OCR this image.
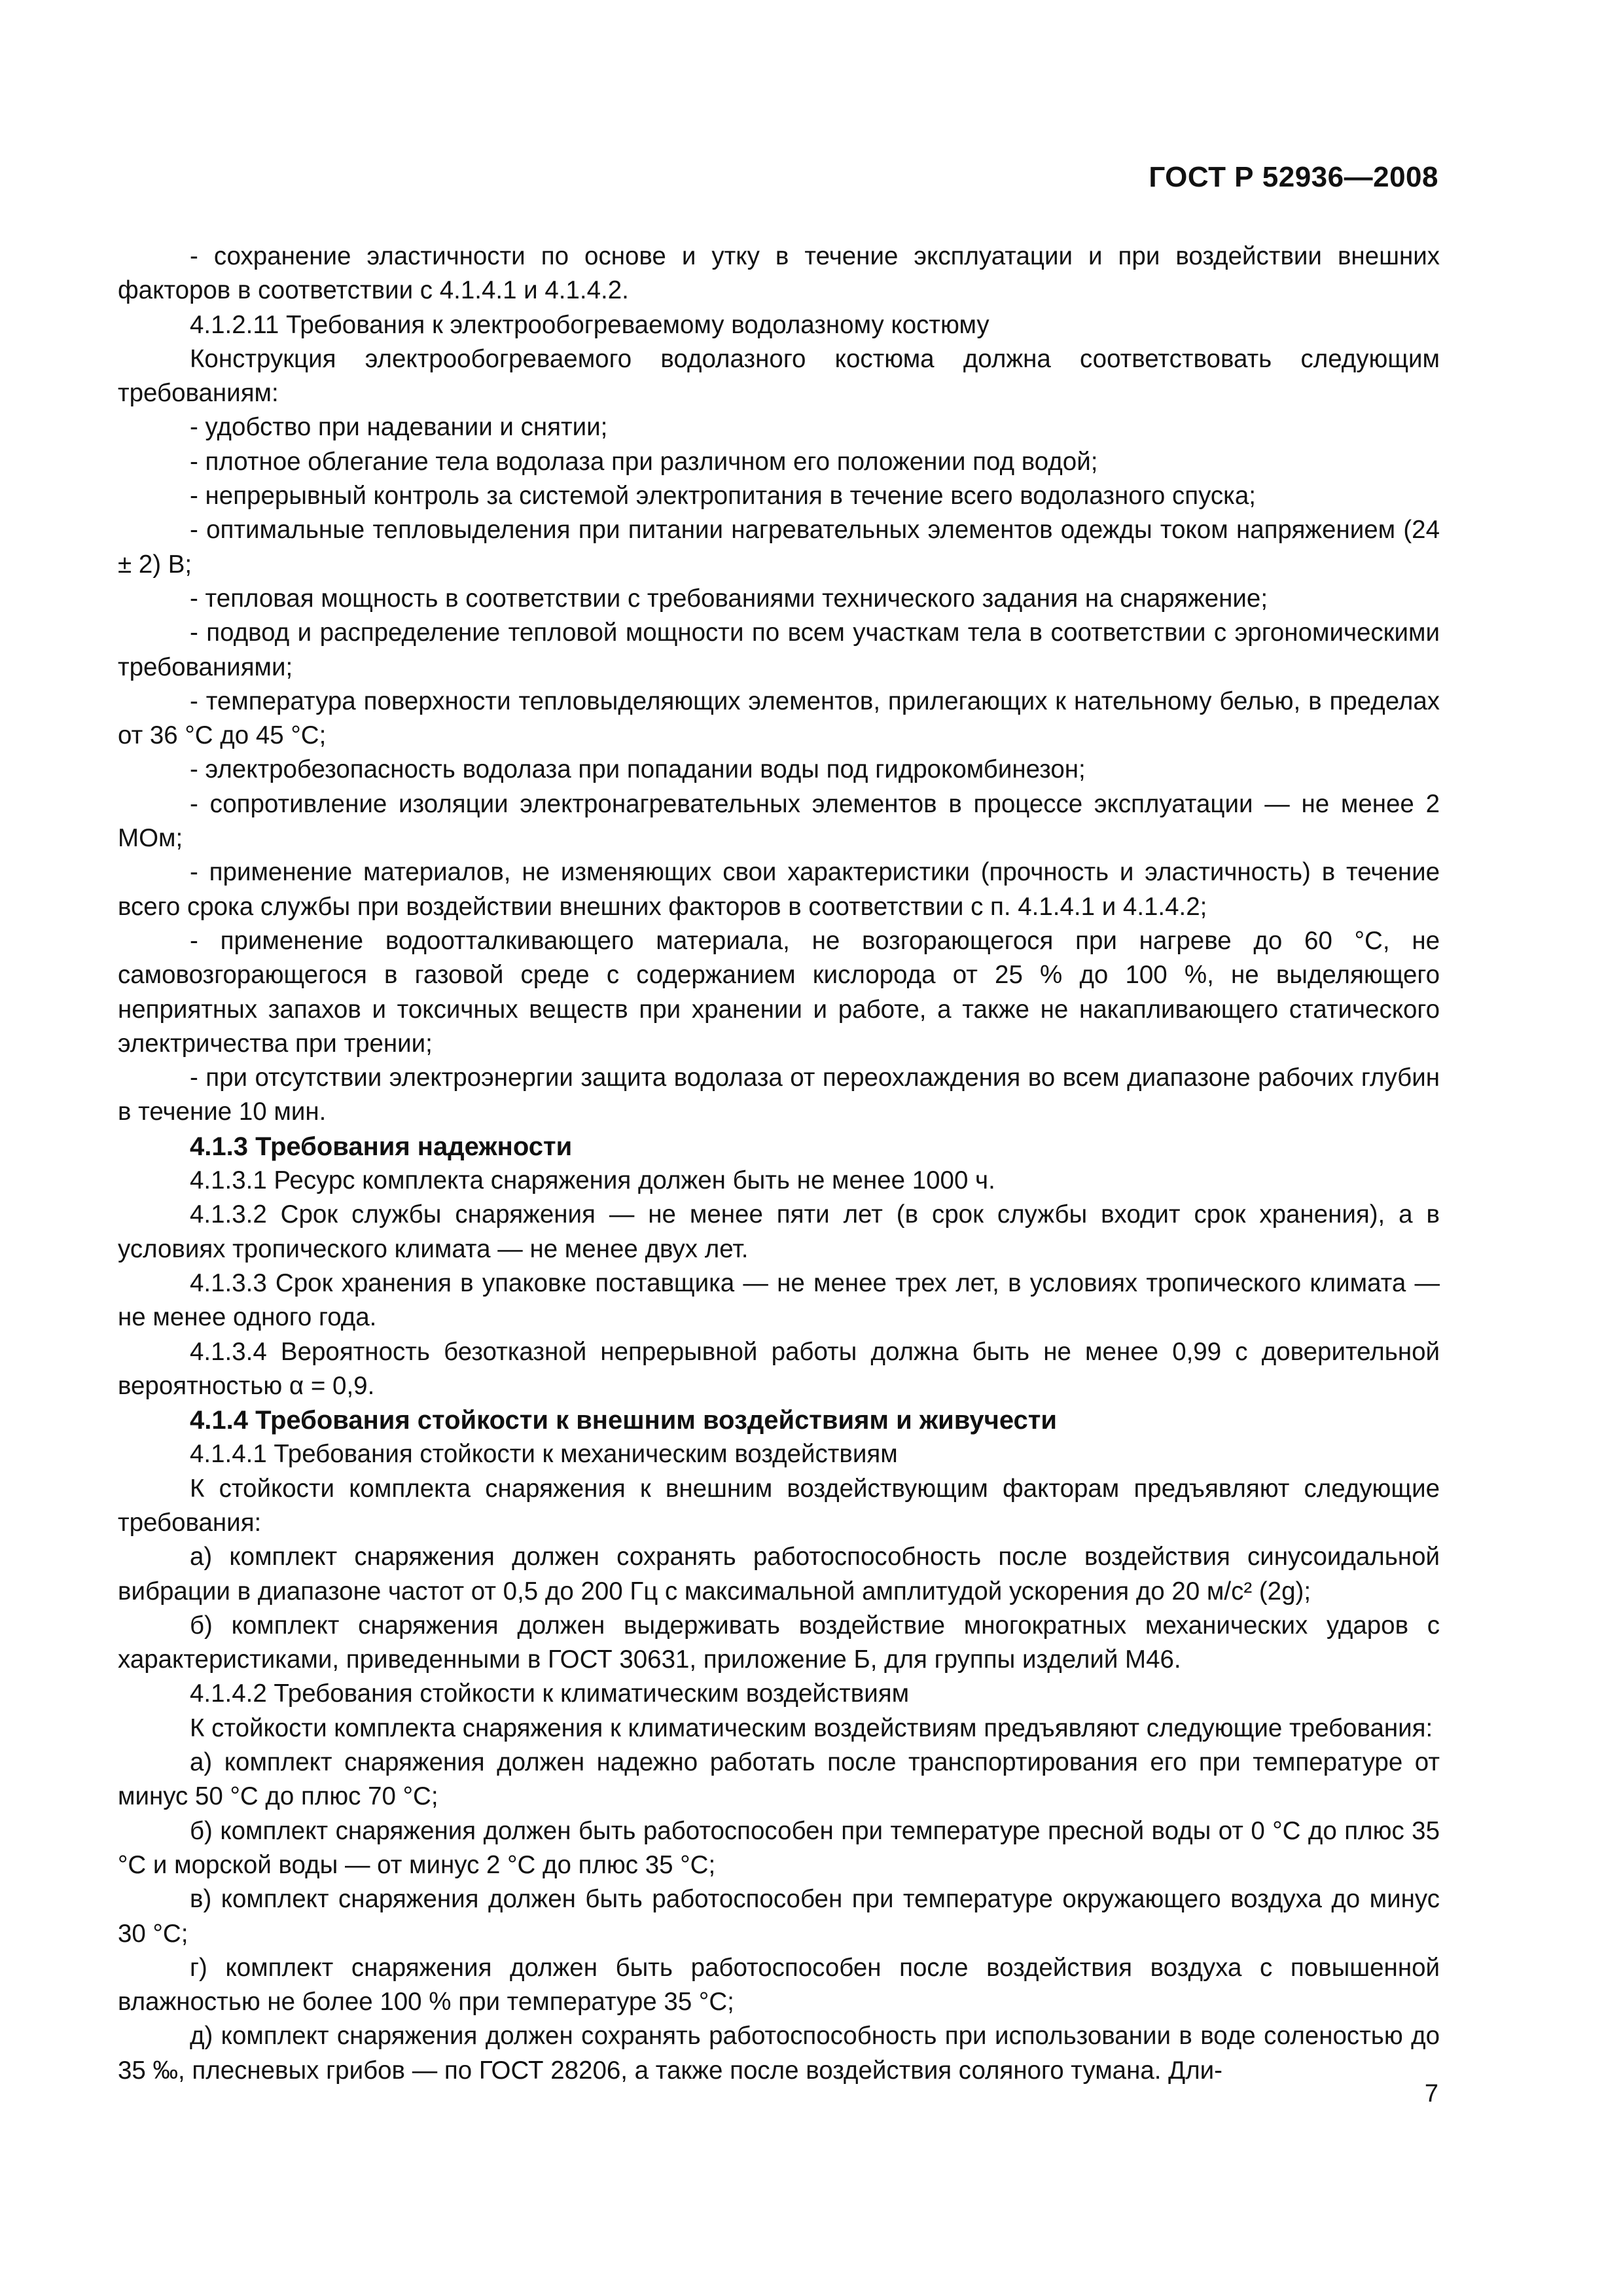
ГОСТ Р 52936—2008

- сохранение эластичности по основе и утку в течение эксплуатации и при воздействии внешних факторов в соответствии с 4.1.4.1 и 4.1.4.2.

4.1.2.11 Требования к электрообогреваемому водолазному костюму

Конструкция электрообогреваемого водолазного костюма должна соответствовать следующим требованиям:

- удобство при надевании и снятии;

- плотное облегание тела водолаза при различном его положении под водой;

- непрерывный контроль за системой электропитания в течение всего водолазного спуска;

- оптимальные тепловыделения при питании нагревательных элементов одежды током напряжением (24 ± 2) В;

- тепловая мощность в соответствии с требованиями технического задания на снаряжение;

- подвод и распределение тепловой мощности по всем участкам тела в соответствии с эргономическими требованиями;

- температура поверхности тепловыделяющих элементов, прилегающих к нательному белью, в пределах от 36 °С до 45 °С;

- электробезопасность водолаза при попадании воды под гидрокомбинезон;

- сопротивление изоляции электронагревательных элементов в процессе эксплуатации — не менее 2 МОм;

- применение материалов, не изменяющих свои характеристики (прочность и эластичность) в течение всего срока службы при воздействии внешних факторов в соответствии с п. 4.1.4.1 и 4.1.4.2;

- применение водоотталкивающего материала, не возгорающегося при нагреве до 60 °С, не самовозгорающегося в газовой среде с содержанием кислорода от 25 % до 100 %, не выделяющего неприятных запахов и токсичных веществ при хранении и работе, а также не накапливающего статического электричества при трении;

- при отсутствии электроэнергии защита водолаза от переохлаждения во всем диапазоне рабочих глубин в течение 10 мин.

4.1.3 Требования надежности

4.1.3.1 Ресурс комплекта снаряжения должен быть не менее 1000 ч.

4.1.3.2 Срок службы снаряжения — не менее пяти лет (в срок службы входит срок хранения), а в условиях тропического климата — не менее двух лет.

4.1.3.3 Срок хранения в упаковке поставщика — не менее трех лет, в условиях тропического климата — не менее одного года.

4.1.3.4 Вероятность безотказной непрерывной работы должна быть не менее 0,99 с доверительной вероятностью α = 0,9.

4.1.4 Требования стойкости к внешним воздействиям и живучести

4.1.4.1 Требования стойкости к механическим воздействиям

К стойкости комплекта снаряжения к внешним воздействующим факторам предъявляют следующие требования:

а) комплект снаряжения должен сохранять работоспособность после воздействия синусоидальной вибрации в диапазоне частот от 0,5 до 200 Гц с максимальной амплитудой ускорения до 20 м/с² (2g);

б) комплект снаряжения должен выдерживать воздействие многократных механических ударов с характеристиками, приведенными в ГОСТ 30631, приложение Б, для группы изделий М46.

4.1.4.2 Требования стойкости к климатическим воздействиям

К стойкости комплекта снаряжения к климатическим воздействиям предъявляют следующие требования:

а) комплект снаряжения должен надежно работать после транспортирования его при температуре от минус 50 °С до плюс 70 °С;

б) комплект снаряжения должен быть работоспособен при температуре пресной воды от 0 °С до плюс 35 °С и морской воды — от минус 2 °С до плюс 35 °С;

в) комплект снаряжения должен быть работоспособен при температуре окружающего воздуха до минус 30 °С;

г) комплект снаряжения должен быть работоспособен после воздействия воздуха с повышенной влажностью не более 100 % при температуре 35 °С;

д) комплект снаряжения должен сохранять работоспособность при использовании в воде соленостью до 35 ‰, плесневых грибов — по ГОСТ 28206, а также после воздействия соляного тумана. Дли-

7
